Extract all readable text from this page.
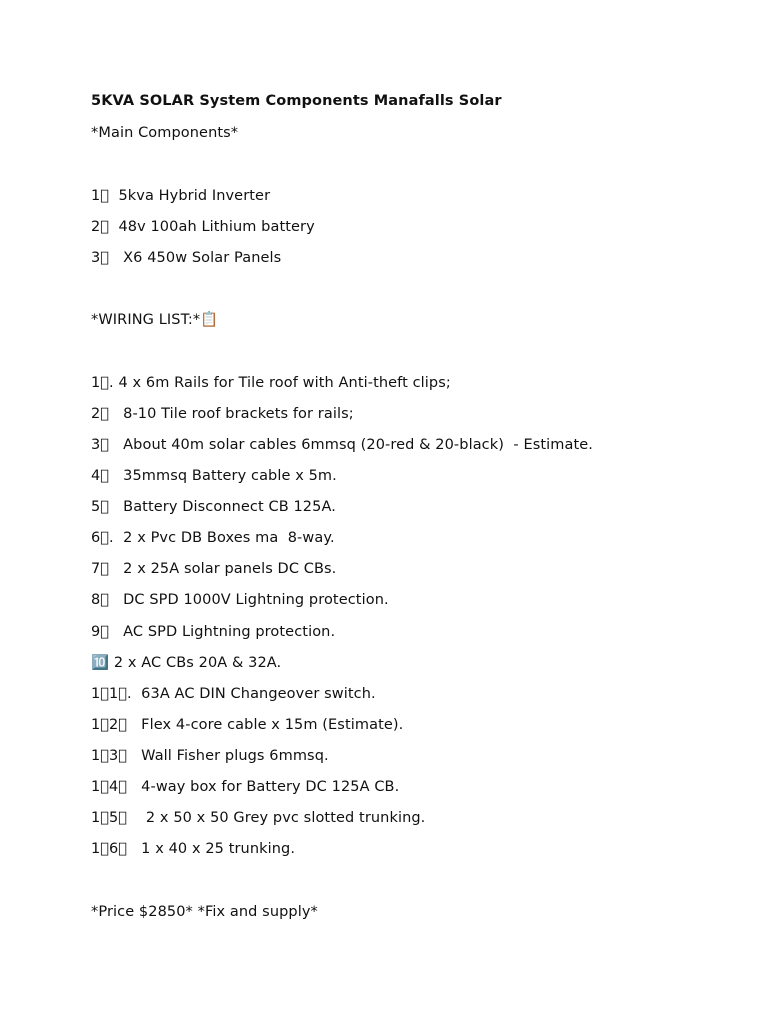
5KVA SOLAR System Components Manafalls Solar
*Main Components*
1⃣  5kva Hybrid Inverter
2⃣  48v 100ah Lithium battery
3⃣   X6 450w Solar Panels
*WIRING LIST:*📋
1⃣. 4 x 6m Rails for Tile roof with Anti-theft clips;
2⃣   8-10 Tile roof brackets for rails;
3⃣   About 40m solar cables 6mmsq (20-red & 20-black)  - Estimate.
4⃣   35mmsq Battery cable x 5m.
5⃣   Battery Disconnect CB 125A.
6⃣.  2 x Pvc DB Boxes ma  8-way.
7⃣   2 x 25A solar panels DC CBs.
8⃣   DC SPD 1000V Lightning protection.
9⃣   AC SPD Lightning protection.
🔟 2 x AC CBs 20A & 32A.
1⃣1⃣.  63A AC DIN Changeover switch.
1⃣2⃣   Flex 4-core cable x 15m (Estimate).
1⃣3⃣   Wall Fisher plugs 6mmsq.
1⃣4⃣   4-way box for Battery DC 125A CB.
1⃣5⃣    2 x 50 x 50 Grey pvc slotted trunking.
1⃣6⃣   1 x 40 x 25 trunking.
*Price $2850* *Fix and supply*
